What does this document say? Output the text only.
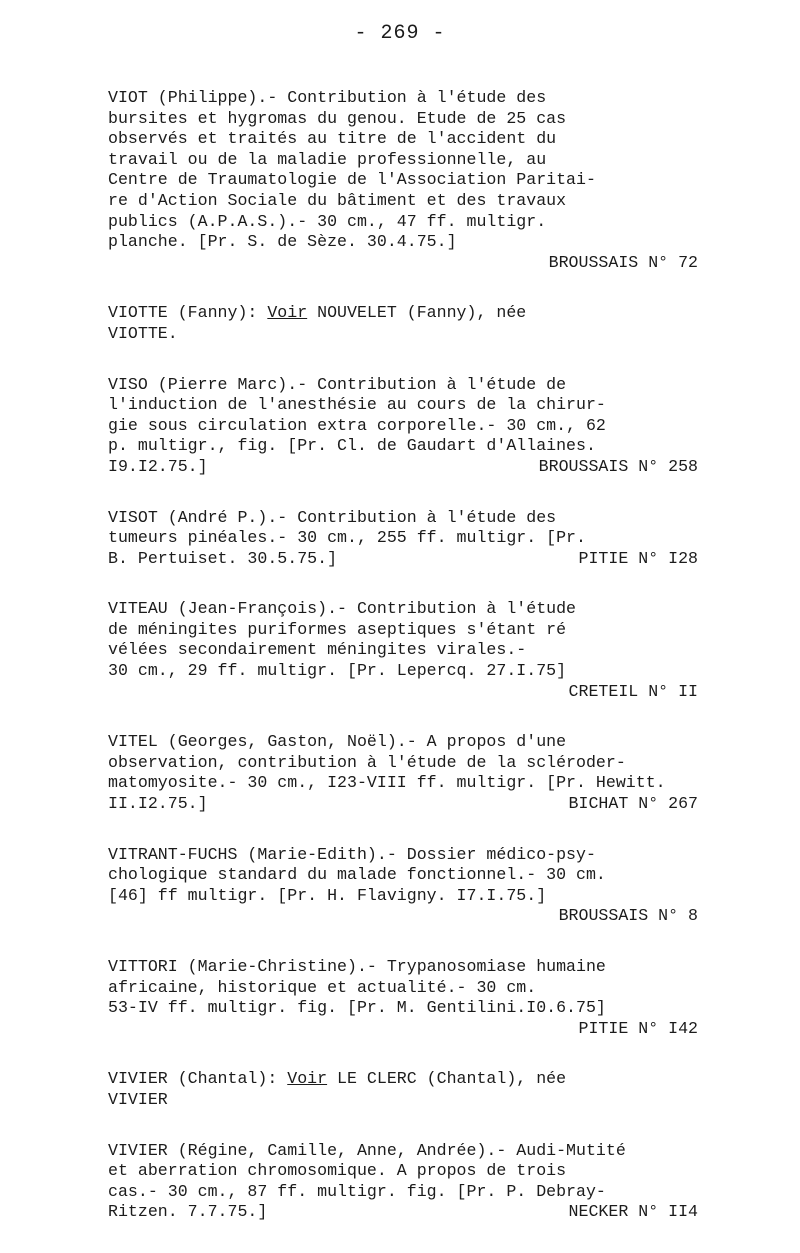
- 269 -
VIOT (Philippe).- Contribution à l'étude des
bursites et hygromas du genou. Etude de 25 cas
observés et traités au titre de l'accident du
travail ou de la maladie professionnelle, au
Centre de Traumatologie de l'Association Paritai-
re d'Action Sociale du bâtiment et des travaux
publics (A.P.A.S.).- 30 cm., 47 ff. multigr.
planche. [Pr. S. de Sèze. 30.4.75.]
BROUSSAIS N° 72
VIOTTE (Fanny): Voir NOUVELET (Fanny), née
VIOTTE.
VISO (Pierre Marc).- Contribution à l'étude de
l'induction de l'anesthésie au cours de la chirur-
gie sous circulation extra corporelle.- 30 cm., 62
p. multigr., fig. [Pr. Cl. de Gaudart d'Allaines.
I9.I2.75.]	BROUSSAIS N° 258
VISOT (André P.).- Contribution à l'étude des
tumeurs pinéales.- 30 cm., 255 ff. multigr. [Pr.
B. Pertuiset. 30.5.75.]	PITIE N° I28
VITEAU (Jean-François).- Contribution à l'étude
de méningites puriformes aseptiques s'étant ré
vélées secondairement méningites virales.-
30 cm., 29 ff. multigr. [Pr. Lepercq. 27.I.75]
CRETEIL N° II
VITEL (Georges, Gaston, Noël).- A propos d'une
observation, contribution à l'étude de la scléroder-
matomyosite.- 30 cm., I23-VIII ff. multigr. [Pr. Hewitt.
II.I2.75.]	BICHAT N° 267
VITRANT-FUCHS (Marie-Edith).- Dossier médico-psy-
chologique standard du malade fonctionnel.- 30 cm.
[46] ff multigr. [Pr. H. Flavigny. I7.I.75.]
BROUSSAIS N° 8
VITTORI (Marie-Christine).- Trypanosomiase humaine
africaine, historique et actualité.- 30 cm.
53-IV ff. multigr. fig. [Pr. M. Gentilini.I0.6.75]
PITIE N° I42
VIVIER (Chantal): Voir LE CLERC (Chantal), née
VIVIER
VIVIER (Régine, Camille, Anne, Andrée).- Audi-Mutité
et aberration chromosomique. A propos de trois
cas.- 30 cm., 87 ff. multigr. fig. [Pr. P. Debray-
Ritzen. 7.7.75.]	NECKER N° II4
